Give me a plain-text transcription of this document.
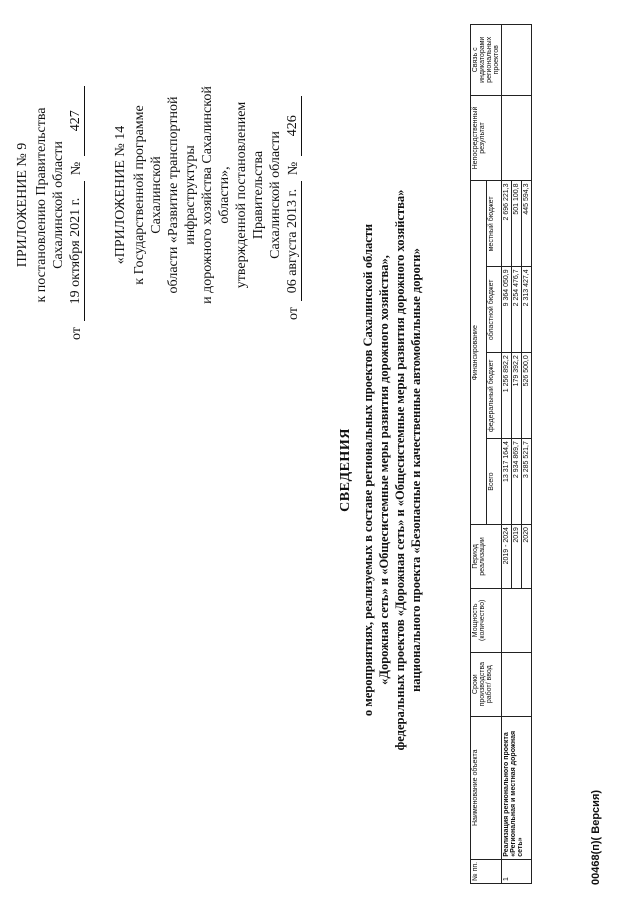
ПРИЛОЖЕНИЕ № 9 к постановлению Правительства Сахалинской области
от
19 октября 2021 г.
№
427
«ПРИЛОЖЕНИЕ № 14 к Государственной программе Сахалинской области «Развитие транспортной инфраструктуры и дорожного хозяйства Сахалинской области», утвержденной постановлением Правительства Сахалинской области
от
06 августа 2013 г.
№
426
СВЕДЕНИЯ о мероприятиях, реализуемых в составе региональных проектов Сахалинской области «Дорожная сеть» и «Общесистемные меры развития дорожного хозяйства», федеральных проектов «Дорожная сеть» и «Общесистемные меры развития дорожного хозяйства» национального проекта «Безопасные и качественные автомобильные дороги»
№ пп.	Наименование объекта	Сроки производства работ/ ввод	Мощность (количество)	Период реализации	Финансирование				Непосредственный результат	Связь с индикаторами региональных проектов
					Всего	федеральный бюджет	областной бюджет	местный бюджет		
1	Реализация регионального проекта «Региональная и местная дорожная сеть»			2019 - 2024	13 317 164,4	1 256 892,2	9 364 050,9	2 696 221,3		
				2019	2 934 869,7	179 392,2	2 254 476,7	501 100,8		
				2020	3 285 521,7	526 500,0	2 313 427,4	445 594,3		
00468(п)( Версия)
